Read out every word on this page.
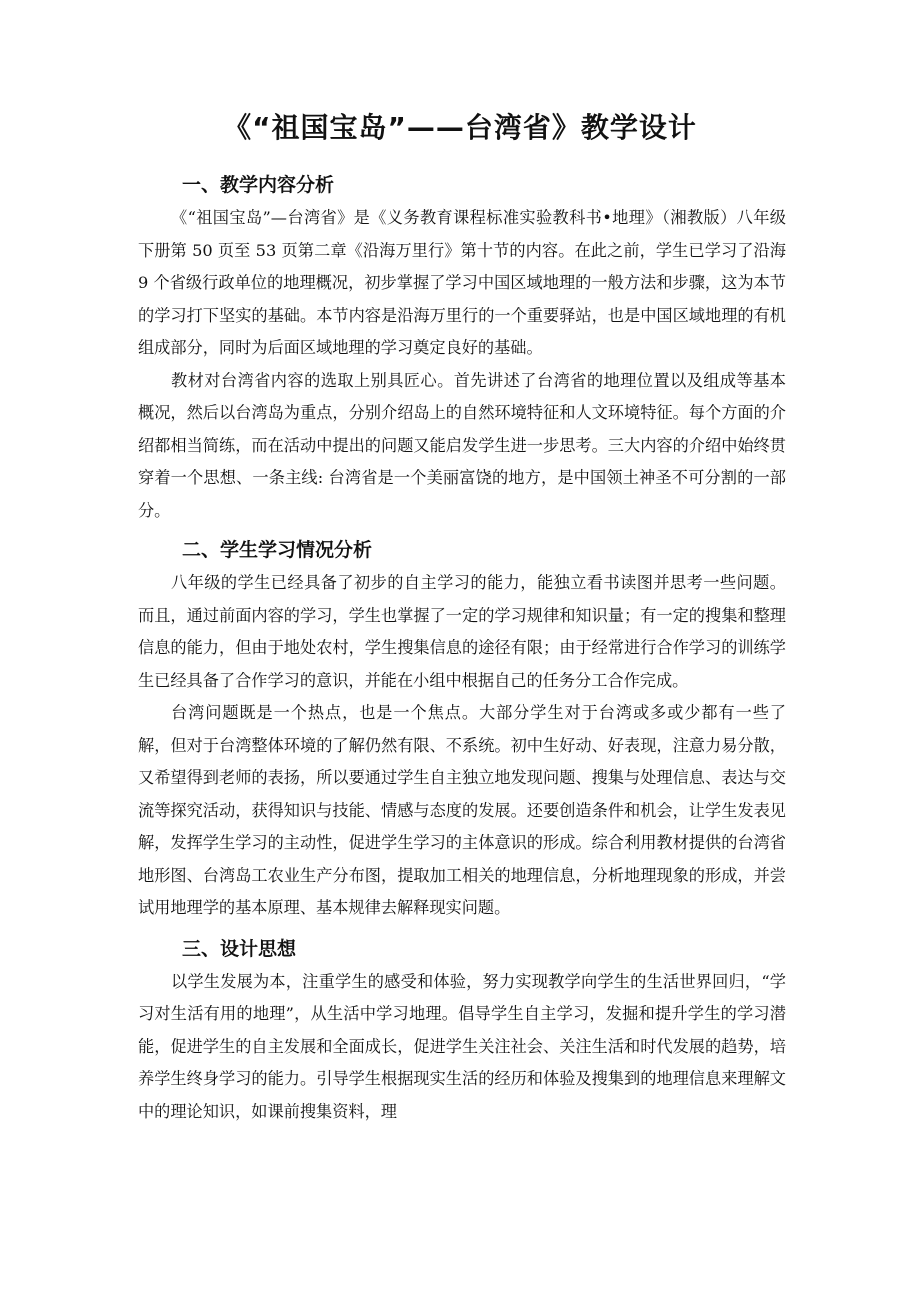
《“祖国宝岛”——台湾省》教学设计
一、教学内容分析

《“祖国宝岛”—台湾省》是《义务教育课程标准实验教科书•地理》（湘教版）八年级下册第 50 页至 53 页第二章《沿海万里行》第十节的内容。在此之前，学生已学习了沿海 9 个省级行政单位的地理概况，初步掌握了学习中国区域地理的一般方法和步骤，这为本节的学习打下坚实的基础。本节内容是沿海万里行的一个重要驿站，也是中国区域地理的有机组成部分，同时为后面区域地理的学习奠定良好的基础。

教材对台湾省内容的选取上别具匠心。首先讲述了台湾省的地理位置以及组成等基本概况，然后以台湾岛为重点，分别介绍岛上的自然环境特征和人文环境特征。每个方面的介绍都相当简练，而在活动中提出的问题又能启发学生进一步思考。三大内容的介绍中始终贯穿着一个思想、一条主线: 台湾省是一个美丽富饶的地方，是中国领土神圣不可分割的一部分。

二、学生学习情况分析

八年级的学生已经具备了初步的自主学习的能力，能独立看书读图并思考一些问题。而且，通过前面内容的学习，学生也掌握了一定的学习规律和知识量；有一定的搜集和整理信息的能力，但由于地处农村，学生搜集信息的途径有限；由于经常进行合作学习的训练学生已经具备了合作学习的意识，并能在小组中根据自己的任务分工合作完成。

台湾问题既是一个热点，也是一个焦点。大部分学生对于台湾或多或少都有一些了解，但对于台湾整体环境的了解仍然有限、不系统。初中生好动、好表现，注意力易分散，又希望得到老师的表扬，所以要通过学生自主独立地发现问题、搜集与处理信息、表达与交流等探究活动，获得知识与技能、情感与态度的发展。还要创造条件和机会，让学生发表见解，发挥学生学习的主动性，促进学生学习的主体意识的形成。综合利用教材提供的台湾省地形图、台湾岛工农业生产分布图，提取加工相关的地理信息，分析地理现象的形成，并尝试用地理学的基本原理、基本规律去解释现实问题。

三、设计思想

以学生发展为本，注重学生的感受和体验，努力实现教学向学生的生活世界回归，“学习对生活有用的地理”，从生活中学习地理。倡导学生自主学习，发掘和提升学生的学习潜能，促进学生的自主发展和全面成长，促进学生关注社会、关注生活和时代发展的趋势，培养学生终身学习的能力。引导学生根据现实生活的经历和体验及搜集到的地理信息来理解文中的理论知识，如课前搜集资料，理
